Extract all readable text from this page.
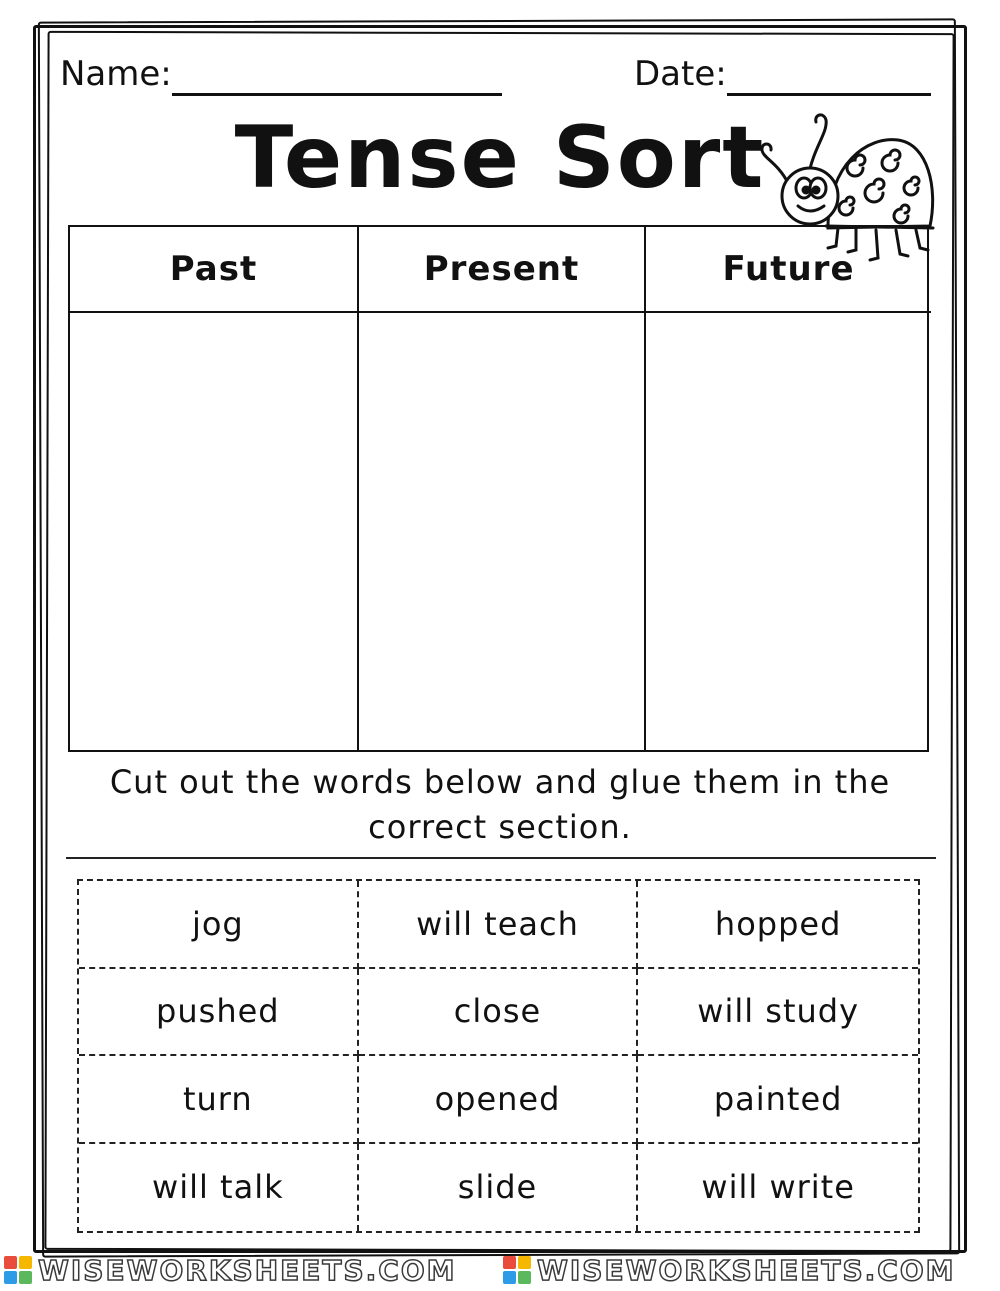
Name:	Date:
Tense Sort
Past	Present	Future
Cut out the words below and glue them in the correct section.
jog	will teach	hopped
pushed	close	will study
turn	opened	painted
will talk	slide	will write
WISEWORKSHEETS.COM	WISEWORKSHEETS.COM
